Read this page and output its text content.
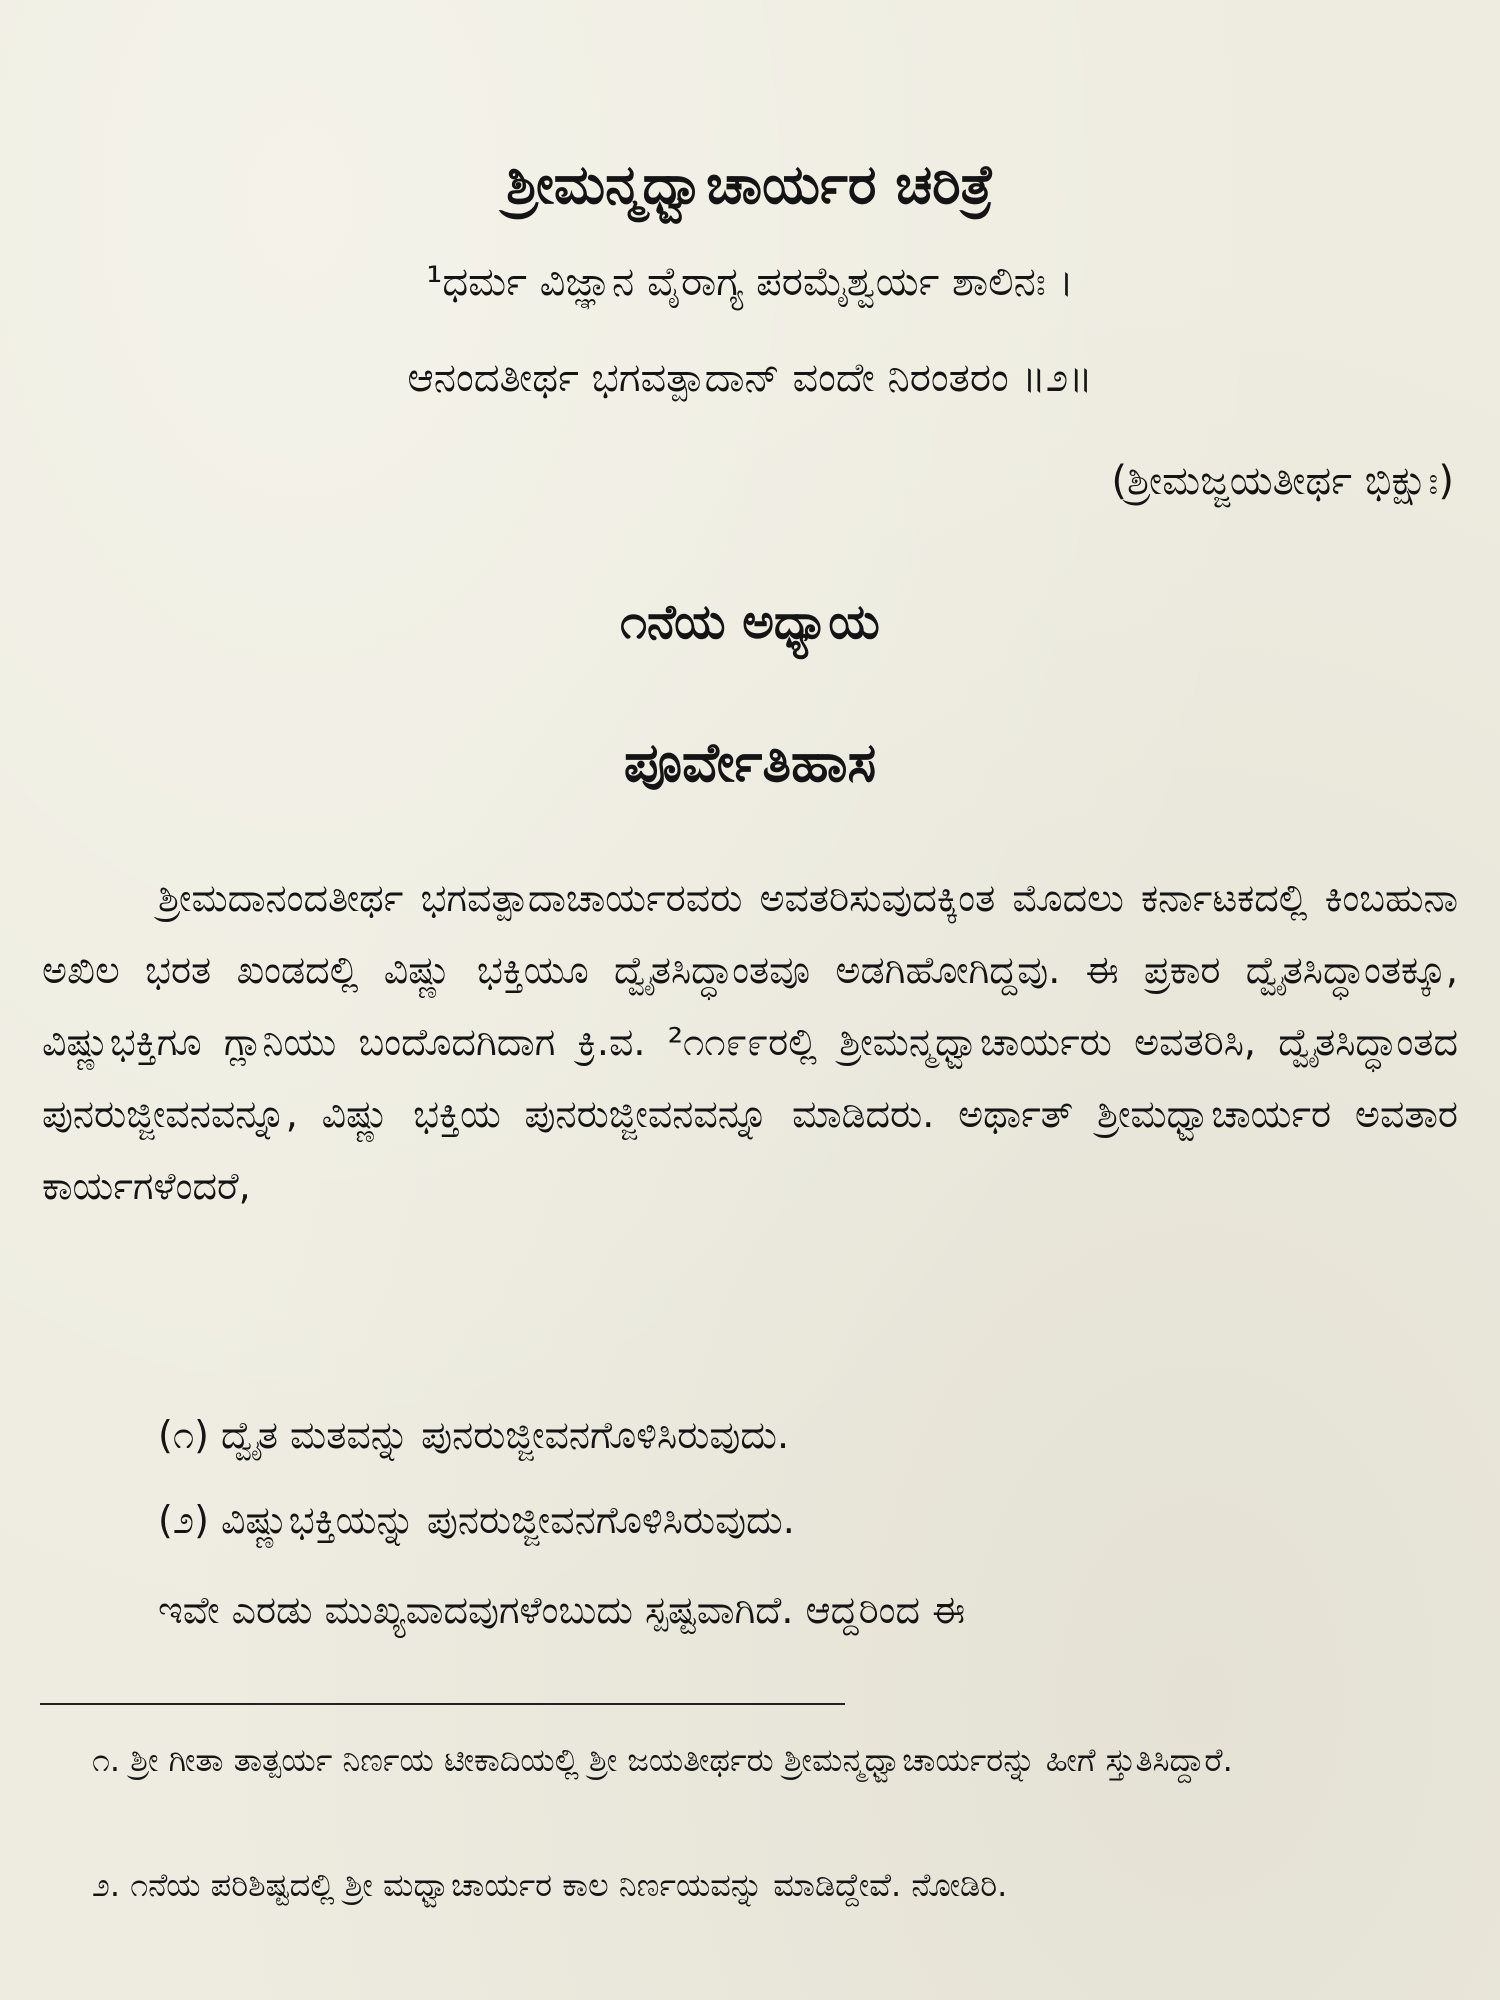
ಶ್ರೀಮನ್ಮಧ್ವಾಚಾರ್ಯರ ಚರಿತ್ರೆ
¹ಧರ್ಮ ವಿಜ್ಞಾನ ವೈರಾಗ್ಯ ಪರಮೈಶ್ವರ್ಯ ಶಾಲಿನಃ ।
ಆನಂದತೀರ್ಥ ಭಗವತ್ಪಾದಾನ್ ವಂದೇ ನಿರಂತರಂ ॥೨॥
(ಶ್ರೀಮಜ್ಜಯತೀರ್ಥ ಭಿಕ್ಷುಃ)
೧ನೆಯ ಅಧ್ಯಾಯ
ಪೂರ್ವೇತಿಹಾಸ

ಶ್ರೀಮದಾನಂದತೀರ್ಥ ಭಗವತ್ಪಾದಾಚಾರ್ಯರವರು ಅವತರಿಸುವುದಕ್ಕಿಂತ ಮೊದಲು ಕರ್ನಾಟಕದಲ್ಲಿ ಕಿಂಬಹುನಾ ಅಖಿಲ ಭರತ ಖಂಡದಲ್ಲಿ ವಿಷ್ಣು ಭಕ್ತಿಯೂ ದ್ವೈತಸಿದ್ಧಾಂತವೂ ಅಡಗಿಹೋಗಿದ್ದವು. ಈ ಪ್ರಕಾರ ದ್ವೈತಸಿದ್ಧಾಂತಕ್ಕೂ, ವಿಷ್ಣುಭಕ್ತಿಗೂ ಗ್ಲಾನಿಯು ಬಂದೊದಗಿದಾಗ ಕ್ರಿ.ವ. ²೧೧೯೯ರಲ್ಲಿ ಶ್ರೀಮನ್ಮಧ್ವಾಚಾರ್ಯರು ಅವತರಿಸಿ, ದ್ವೈತಸಿದ್ಧಾಂತದ ಪುನರುಜ್ಜೀವನವನ್ನೂ, ವಿಷ್ಣು ಭಕ್ತಿಯ ಪುನರುಜ್ಜೀವನವನ್ನೂ ಮಾಡಿದರು. ಅರ್ಥಾತ್ ಶ್ರೀಮಧ್ವಾಚಾರ್ಯರ ಅವತಾರ ಕಾರ್ಯಗಳೆಂದರೆ,

(೧) ದ್ವೈತ ಮತವನ್ನು ಪುನರುಜ್ಜೀವನಗೊಳಿಸಿರುವುದು.
(೨) ವಿಷ್ಣುಭಕ್ತಿಯನ್ನು ಪುನರುಜ್ಜೀವನಗೊಳಿಸಿರುವುದು.

ಇವೇ ಎರಡು ಮುಖ್ಯವಾದವುಗಳೆಂಬುದು ಸ್ಪಷ್ಟವಾಗಿದೆ. ಆದ್ದರಿಂದ ಈ

೧. ಶ್ರೀ ಗೀತಾ ತಾತ್ಪರ್ಯ ನಿರ್ಣಯ ಟೀಕಾದಿಯಲ್ಲಿ ಶ್ರೀ ಜಯತೀರ್ಥರು ಶ್ರೀಮನ್ಮಧ್ವಾಚಾರ್ಯರನ್ನು ಹೀಗೆ ಸ್ತುತಿಸಿದ್ದಾರೆ.

೨. ೧ನೆಯ ಪರಿಶಿಷ್ಟದಲ್ಲಿ ಶ್ರೀ ಮಧ್ವಾಚಾರ್ಯರ ಕಾಲ ನಿರ್ಣಯವನ್ನು ಮಾಡಿದ್ದೇವೆ. ನೋಡಿರಿ.
